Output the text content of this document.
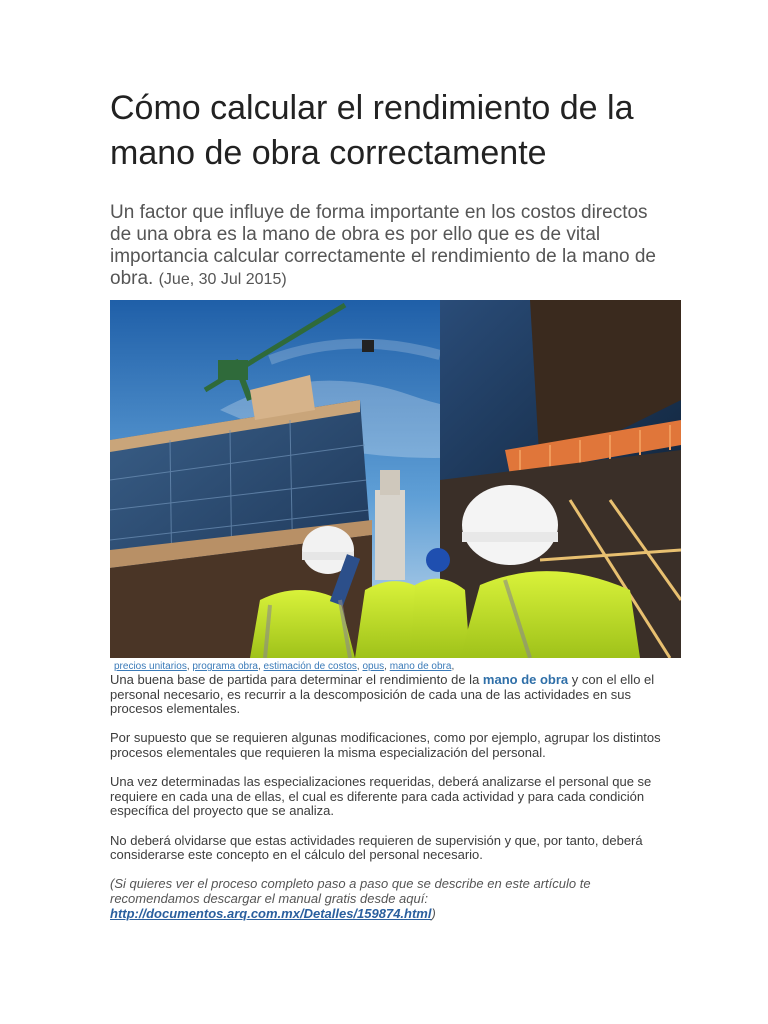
Cómo calcular el rendimiento de la mano de obra correctamente

Un factor que influye de forma importante en los costos directos de una obra es la mano de obra es por ello que es de vital importancia calcular correctamente el rendimiento de la mano de obra. (Jue, 30 Jul 2015)

precios unitarios, programa obra, estimación de costos, opus, mano de obra,

Una buena base de partida para determinar el rendimiento de la mano de obra y con el ello el personal necesario, es recurrir a la descomposición de cada una de las actividades en sus procesos elementales.

Por supuesto que se requieren algunas modificaciones, como por ejemplo, agrupar los distintos procesos elementales que requieren la misma especialización del personal.

Una vez determinadas las especializaciones requeridas, deberá analizarse el personal que se requiere en cada una de ellas, el cual es diferente para cada actividad y para cada condición específica del proyecto que se analiza.

No deberá olvidarse que estas actividades requieren de supervisión y que, por tanto, deberá considerarse este concepto en el cálculo del personal necesario.

(Si quieres ver el proceso completo paso a paso que se describe en este artículo te recomendamos descargar el manual gratis desde aquí: http://documentos.arq.com.mx/Detalles/159874.html)
